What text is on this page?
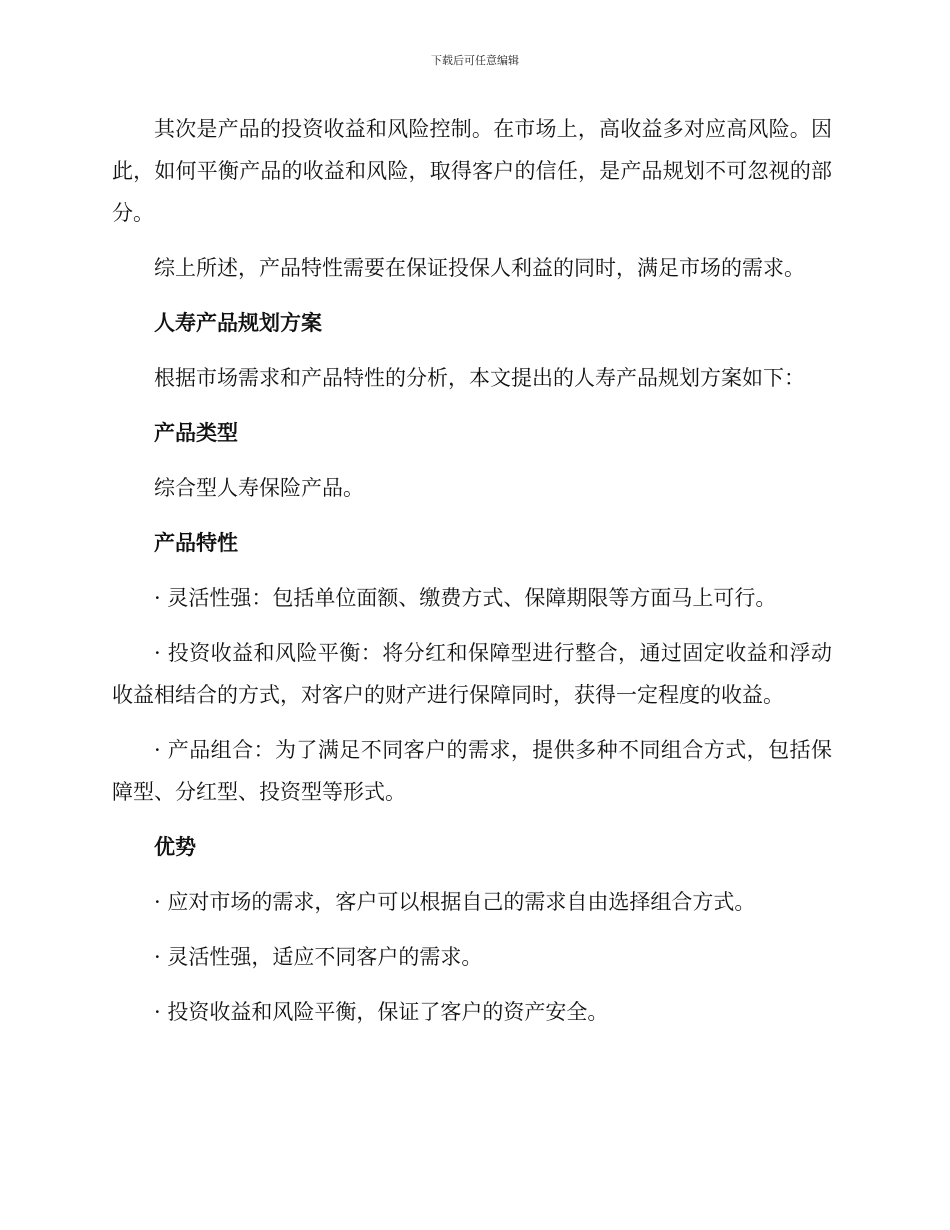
下载后可任意编辑

其次是产品的投资收益和风险控制。在市场上，高收益多对应高风险。因此，如何平衡产品的收益和风险，取得客户的信任，是产品规划不可忽视的部分。

综上所述，产品特性需要在保证投保人利益的同时，满足市场的需求。

人寿产品规划方案

根据市场需求和产品特性的分析，本文提出的人寿产品规划方案如下：

产品类型

综合型人寿保险产品。

产品特性

· 灵活性强：包括单位面额、缴费方式、保障期限等方面马上可行。

· 投资收益和风险平衡：将分红和保障型进行整合，通过固定收益和浮动收益相结合的方式，对客户的财产进行保障同时，获得一定程度的收益。

· 产品组合：为了满足不同客户的需求，提供多种不同组合方式，包括保障型、分红型、投资型等形式。

优势

· 应对市场的需求，客户可以根据自己的需求自由选择组合方式。

· 灵活性强，适应不同客户的需求。

· 投资收益和风险平衡，保证了客户的资产安全。
